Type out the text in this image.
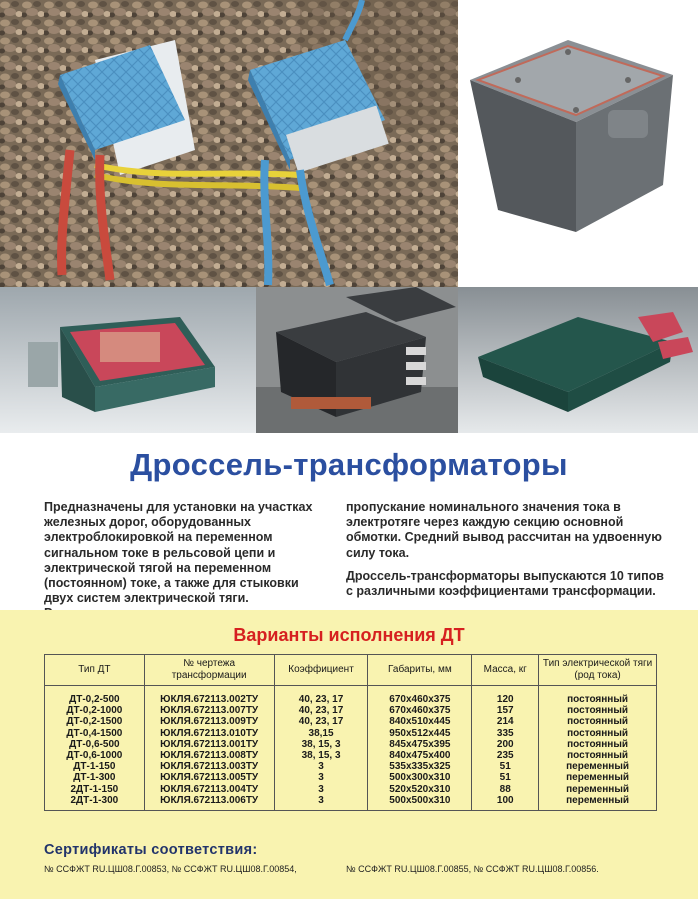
Дроссель-трансформаторы

Предназначены для установки на участках железных дорог, оборудованных электроблокировкой на переменном сигнальном токе в рельсовой цепи и электрической тягой на переменном (постоянном) токе, а также для стыковки двух систем электрической тяги.

пропускание номинального значения тока в электротяге через каждую секцию основной обмотки. Средний вывод рассчитан на удвоенную силу тока.

Дроссель-трансформаторы выпускаются 10 типов с различными коэффициентами трансформации.

Варианты исполнения ДТ
Тип ДТ	№ чертежа трансформации	Коэффициент	Габариты, мм	Масса, кг	Тип электрической тяги (род тока)
ДТ-0,2-500	ЮКЛЯ.672113.002ТУ	40, 23, 17	670х460х375	120	постоянный
ДТ-0,2-1000	ЮКЛЯ.672113.007ТУ	40, 23, 17	670х460х375	157	постоянный
ДТ-0,2-1500	ЮКЛЯ.672113.009ТУ	40, 23, 17	840х510х445	214	постоянный
ДТ-0,4-1500	ЮКЛЯ.672113.010ТУ	38,15	950х512х445	335	постоянный
ДТ-0,6-500	ЮКЛЯ.672113.001ТУ	38, 15, 3	845х475х395	200	постоянный
ДТ-0,6-1000	ЮКЛЯ.672113.008ТУ	38, 15, 3	840х475х400	235	постоянный
ДТ-1-150	ЮКЛЯ.672113.003ТУ	3	535х335х325	51	переменный
ДТ-1-300	ЮКЛЯ.672113.005ТУ	3	500х300х310	51	переменный
2ДТ-1-150	ЮКЛЯ.672113.004ТУ	3	520х520х310	88	переменный
2ДТ-1-300	ЮКЛЯ.672113.006ТУ	3	500х500х310	100	переменный
Сертификаты соответствия:
№ ССФЖТ RU.ЦШ08.Г.00853, № ССФЖТ RU.ЦШ08.Г.00854,	№ ССФЖТ RU.ЦШ08.Г.00855, № ССФЖТ RU.ЦШ08.Г.00856.
